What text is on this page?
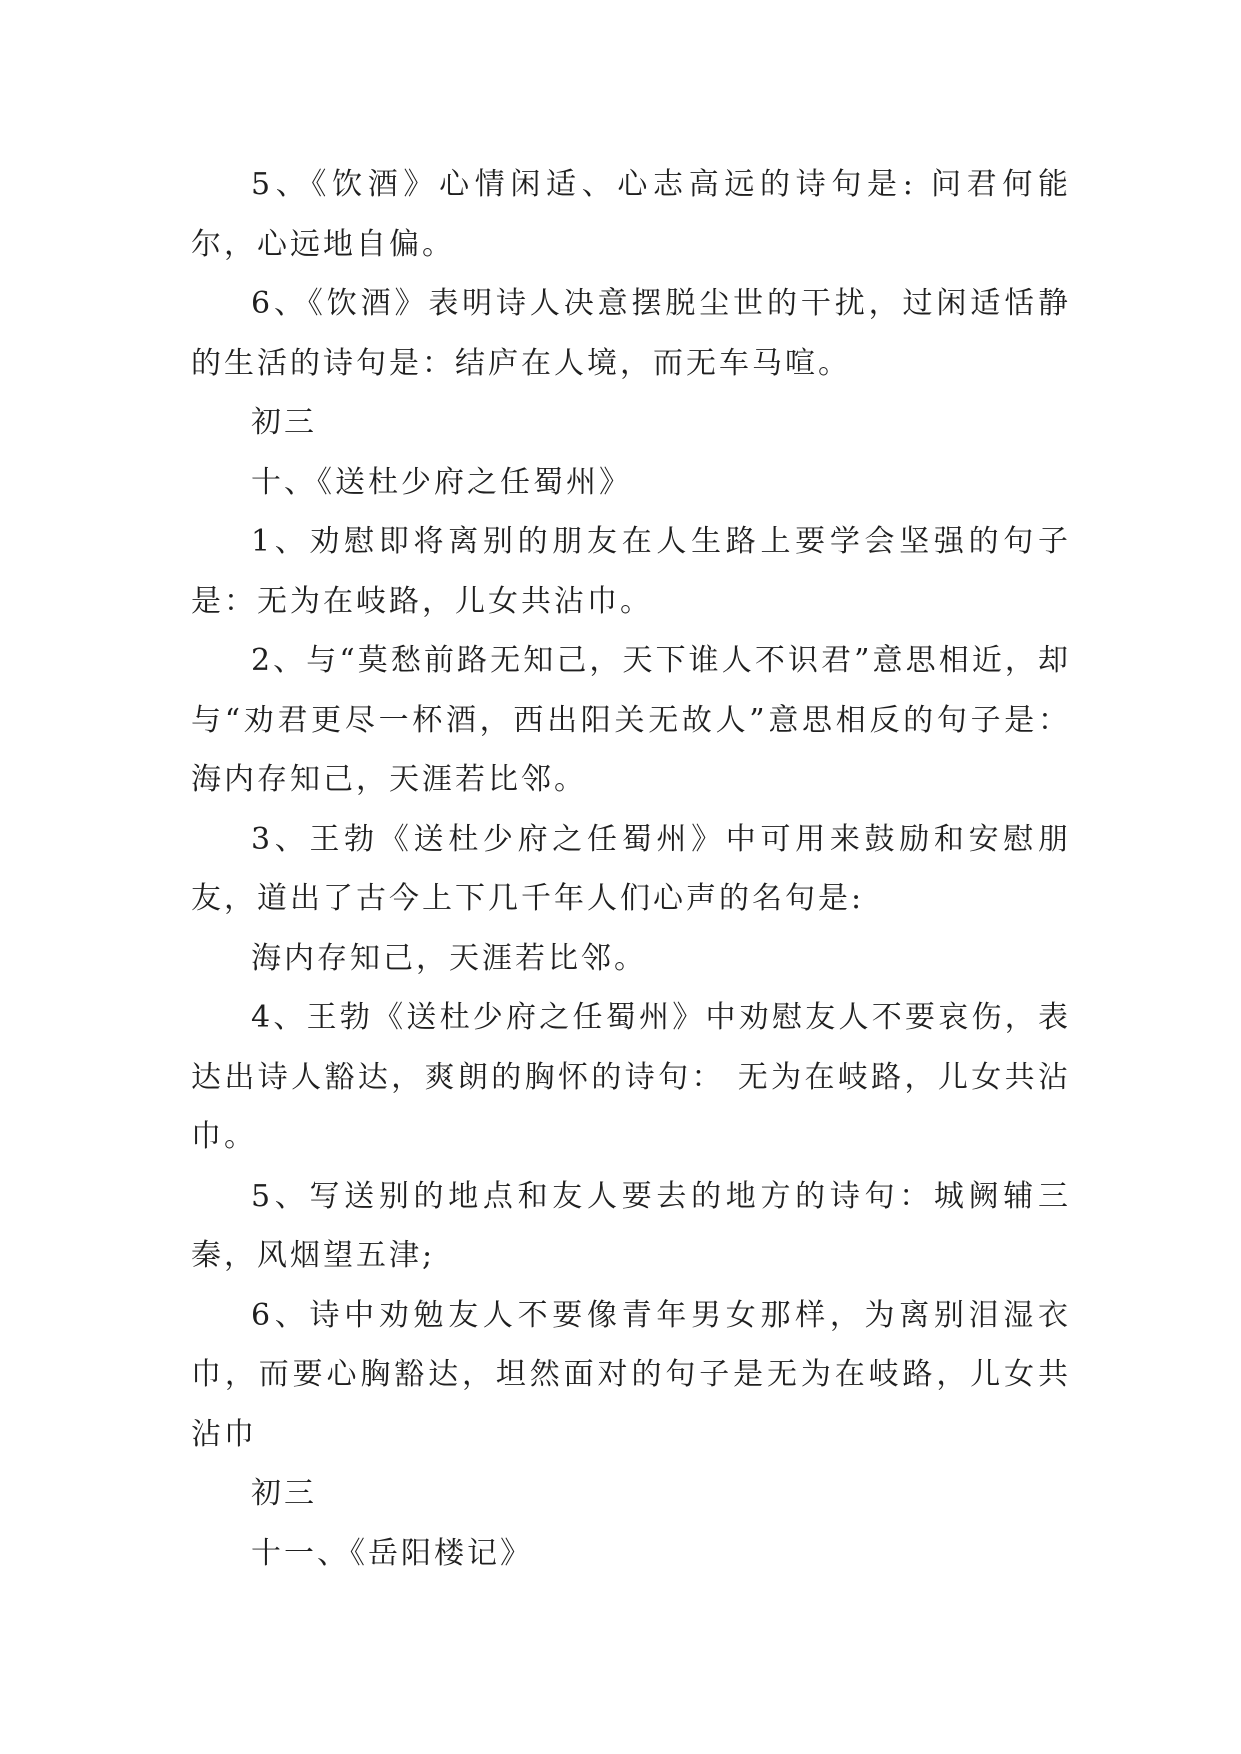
5、《饮酒》心情闲适、心志高远的诗句是: 问君何能尔，心远地自偏。

6、《饮酒》表明诗人决意摆脱尘世的干扰，过闲适恬静的生活的诗句是：结庐在人境，而无车马喧。

初三

十、《送杜少府之任蜀州》

1、劝慰即将离别的朋友在人生路上要学会坚强的句子是：无为在岐路，儿女共沾巾。

2、与“莫愁前路无知己，天下谁人不识君”意思相近，却与“劝君更尽一杯酒，西出阳关无故人”意思相反的句子是：海内存知己，天涯若比邻。

3、王勃《送杜少府之任蜀州》中可用来鼓励和安慰朋友，道出了古今上下几千年人们心声的名句是:

海内存知己，天涯若比邻。

4、王勃《送杜少府之任蜀州》中劝慰友人不要哀伤，表达出诗人豁达，爽朗的胸怀的诗句： 无为在岐路，儿女共沾巾。

5、写送别的地点和友人要去的地方的诗句：城阙辅三秦，风烟望五津;

6、诗中劝勉友人不要像青年男女那样，为离别泪湿衣巾，而要心胸豁达，坦然面对的句子是无为在岐路，儿女共沾巾

初三

十一、《岳阳楼记》
